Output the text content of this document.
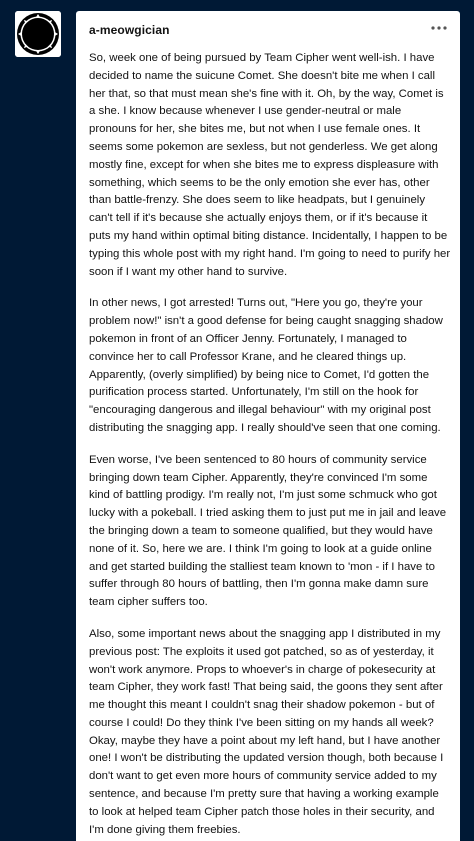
a-meowgician

So, week one of being pursued by Team Cipher went well-ish. I have decided to name the suicune Comet. She doesn't bite me when I call her that, so that must mean she's fine with it. Oh, by the way, Comet is a she. I know because whenever I use gender-neutral or male pronouns for her, she bites me, but not when I use female ones. It seems some pokemon are sexless, but not genderless. We get along mostly fine, except for when she bites me to express displeasure with something, which seems to be the only emotion she ever has, other than battle-frenzy. She does seem to like headpats, but I genuinely can't tell if it's because she actually enjoys them, or if it's because it puts my hand within optimal biting distance. Incidentally, I happen to be typing this whole post with my right hand. I'm going to need to purify her soon if I want my other hand to survive.

In other news, I got arrested! Turns out, "Here you go, they're your problem now!" isn't a good defense for being caught snagging shadow pokemon in front of an Officer Jenny. Fortunately, I managed to convince her to call Professor Krane, and he cleared things up. Apparently, (overly simplified) by being nice to Comet, I'd gotten the purification process started. Unfortunately, I'm still on the hook for "encouraging dangerous and illegal behaviour" with my original post distributing the snagging app. I really should've seen that one coming.

Even worse, I've been sentenced to 80 hours of community service bringing down team Cipher. Apparently, they're convinced I'm some kind of battling prodigy. I'm really not, I'm just some schmuck who got lucky with a pokeball. I tried asking them to just put me in jail and leave the bringing down a team to someone qualified, but they would have none of it. So, here we are. I think I'm going to look at a guide online and get started building the stalliest team known to 'mon - if I have to suffer through 80 hours of battling, then I'm gonna make damn sure team cipher suffers too.

Also, some important news about the snagging app I distributed in my previous post: The exploits it used got patched, so as of yesterday, it won't work anymore. Props to whoever's in charge of pokesecurity at team Cipher, they work fast! That being said, the goons they sent after me thought this meant I couldn't snag their shadow pokemon - but of course I could! Do they think I've been sitting on my hands all week? Okay, maybe they have a point about my left hand, but I have another one! I won't be distributing the updated version though, both because I don't want to get even more hours of community service added to my sentence, and because I'm pretty sure that having a working example to look at helped team Cipher patch those holes in their security, and I'm done giving them freebies.
